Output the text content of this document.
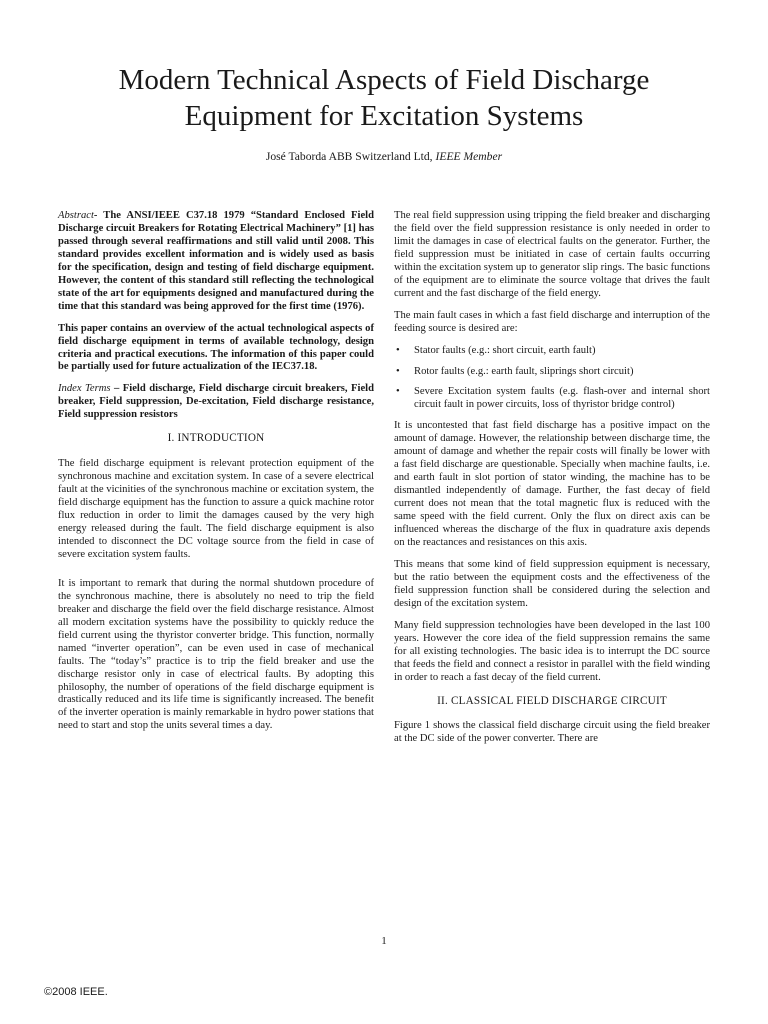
Modern Technical Aspects of Field Discharge
Equipment for Excitation Systems
José Taborda ABB Switzerland Ltd, IEEE Member

Abstract- The ANSI/IEEE C37.18 1979 “Standard Enclosed Field Discharge circuit Breakers for Rotating Electrical Machinery” [1] has passed through several reaffirmations and still valid until 2008. This standard provides excellent information and is widely used as basis for the specification, design and testing of field discharge equipment. However, the content of this standard still reflecting the technological state of the art for equipments designed and manufactured during the time that this standard was being approved for the first time (1976).

This paper contains an overview of the actual technological aspects of field discharge equipment in terms of available technology, design criteria and practical executions. The information of this paper could be partially used for future actualization of the IEC37.18.

Index Terms – Field discharge, Field discharge circuit breakers, Field breaker, Field suppression, De-excitation, Field discharge resistance, Field suppression resistors

I. INTRODUCTION

The field discharge equipment is relevant protection equipment of the synchronous machine and excitation system. In case of a severe electrical fault at the vicinities of the synchronous machine or excitation system, the field discharge equipment has the function to assure a quick machine rotor flux reduction in order to limit the damages caused by the very high energy released during the fault. The field discharge equipment is also intended to disconnect the DC voltage source from the field in case of severe excitation system faults.

It is important to remark that during the normal shutdown procedure of the synchronous machine, there is absolutely no need to trip the field breaker and discharge the field over the field discharge resistance. Almost all modern excitation systems have the possibility to quickly reduce the field current using the thyristor converter bridge. This function, normally named “inverter operation”, can be even used in case of mechanical faults. The “today’s” practice is to trip the field breaker and use the discharge resistor only in case of electrical faults. By adopting this philosophy, the number of operations of the field discharge equipment is drastically reduced and its life time is significantly increased. The benefit of the inverter operation is mainly remarkable in hydro power stations that need to start and stop the units several times a day.

The real field suppression using tripping the field breaker and discharging the field over the field suppression resistance is only needed in order to limit the damages in case of electrical faults on the generator. Further, the field suppression must be initiated in case of certain faults occurring within the excitation system up to generator slip rings. The basic functions of the equipment are to eliminate the source voltage that drives the fault current and the fast discharge of the field energy.

The main fault cases in which a fast field discharge and interruption of the feeding source is desired are:

• Stator faults (e.g.: short circuit, earth fault)
• Rotor faults (e.g.: earth fault, sliprings short circuit)
• Severe Excitation system faults (e.g. flash-over and internal short circuit fault in power circuits, loss of thyristor bridge control)

It is uncontested that fast field discharge has a positive impact on the amount of damage. However, the relationship between discharge time, the amount of damage and whether the repair costs will finally be lower with a fast field discharge are questionable. Specially when machine faults, i.e. and earth fault in slot portion of stator winding, the machine has to be dismantled independently of damage. Further, the fast decay of field current does not mean that the total magnetic flux is reduced with the same speed with the field current. Only the flux on direct axis can be influenced whereas the discharge of the flux in quadrature axis depends on the reactances and resistances on this axis.

This means that some kind of field suppression equipment is necessary, but the ratio between the equipment costs and the effectiveness of the field suppression function shall be considered during the selection and design of the excitation system.

Many field suppression technologies have been developed in the last 100 years. However the core idea of the field suppression remains the same for all existing technologies. The basic idea is to interrupt the DC source that feeds the field and connect a resistor in parallel with the field winding in order to reach a fast decay of the field current.

II. CLASSICAL FIELD DISCHARGE CIRCUIT

Figure 1 shows the classical field discharge circuit using the field breaker at the DC side of the power converter. There are

1
©2008 IEEE.
